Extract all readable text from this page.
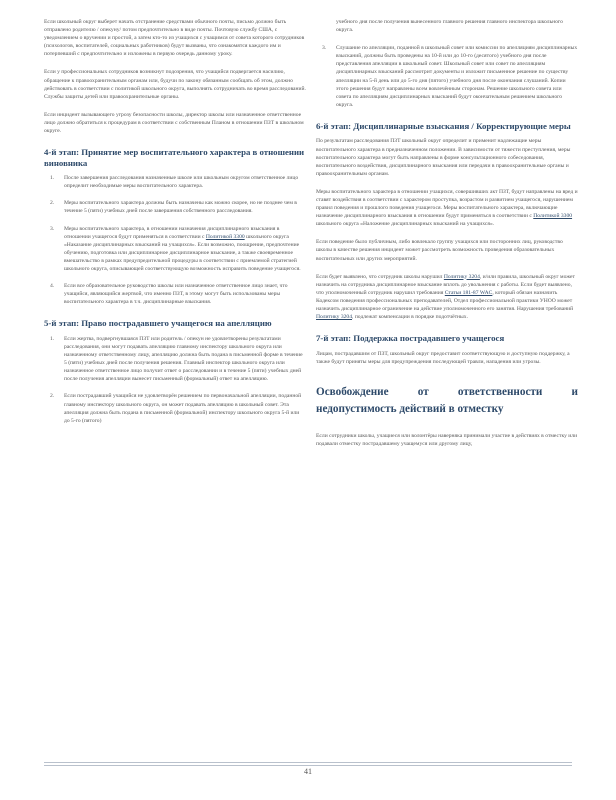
Если школьный округ выберет начать отстранение средствами обычного почты, письмо должно быть отправлено родителю / опекуну/ потом предпочтительно в виде почты. Почтовую службу США, с уведомлением о вручении и простой, а затем кто-то из учащихся с учащимся от совета которого сотрудников (психологов, воспитателей, социальных работников) будут вызваны, что ознакомятся каждого им и потерпевший с предпочтительно и изложены в первую очередь данному уроку.

Если у профессиональных сотрудников возникнут подозрения, что учащийся подвергается насилию, обращение к правоохранительным органам или, будучи по закону обязанным сообщать об этом, должно действовать в соответствии с политикой школьного округа, выполнять сотрудничать во время расследований. Службы защиты детей или правоохранительные органы.

Если инцидент вызывающего угрозу безопасности школы, директор школы или назначенное ответственное лицо должно обратиться к процедурам в соответствии с собственным Планом в отношении ПЗТ в школьном округе.

4-й этап: Принятие мер воспитательного характера в отношении виновника
1.	После завершения расследования назначенные школе или школьным округом ответственное лицо определит необходимые меры воспитательного характера.
2.	Меры воспитательного характера должны быть назначены как можно скорее, но не позднее чем в течение 5 (пяти) учебных дней после завершения собственного расследования.
3.	Меры воспитательного характера, в отношении назначения дисциплинарного взыскания в отношении учащегося будут применяться в соответствии с Политикой 3300 школьного округа «Наказание дисциплинарных взысканий на учащихся». Если возможно, поощрение, предпочтение обучению, подготовка или дисциплинарное дисциплинарное взыскание, а также своевременное вмешательство в рамках предупредительной процедуры в соответствии с приемлемой стратегией школьного округа, описывающей соответствующую возможность исправить поведение учащегося.
4.	Если все образовательное руководство школы или назначенное ответственное лицо знает, что учащийся, являющийся жертвой, что именно ПЗТ, в этому могут быть использованы меры воспитательного характера в т.ч. дисциплинарные взыскания.
5-й этап: Право пострадавшего учащегося на апелляцию
1.	Если жертва, подвергнувшаяся ПЗТ или родитель / опекун не удовлетворены результатами расследования, они могут подавать апелляцию главному инспектору школьного округа или назначенному ответственному лицу, апелляцию должна быть подана в письменной форме в течение 5 (пяти) учебных дней после получения решения. Главный инспектор школьного округа или назначенное ответственное лицо получит ответ о расследовании и в течение 5 (пяти) учебных дней после получения апелляции вынесет письменный (формальный) ответ на апелляцию.
2.	Если пострадавший учащийся не удовлетворён решением по первоначальной апелляции, поданной главному инспектору школьного округа, он может подавать апелляцию в школьный совет. Эта апелляция должна быть подана в письменной (формальной) инспектору школьного округа 5-й или до 5-го (пятого)

учебного дня после получения вынесенного главного решения главного инспектора школьного округа.

3.	Слушание по апелляции, поданной в школьный совет или комиссии по апелляциям дисциплинарных взысканий, должны быть проведены на 10-й или до 10-го (десятого) учебного дня после представления апелляции в школьный совет. Школьный совет или совет по апелляциям дисциплинарных взысканий рассмотрит документы и изложит письменное решение по существу апелляции на 5-й день или до 5-го дня (пятого) учебного дня после окончания слушаний. Копии этого решения будут направлены всем вовлечённым сторонам. Решение школьного совета или совета по апелляциям дисциплинарных взысканий будут окончательным решением школьного округа.
6-й этап: Дисциплинарные взыскания / Корректирующие меры

По результатам расследования ПЗТ школьный округ определит и применит надлежащие меры воспитательного характера в предназначенном положении. В зависимости от тяжести преступления, меры воспитательного характера могут быть направлены в форме консультационного собеседования, воспитательного воздействия, дисциплинарного взыскания или передачи в правоохранительные органы и правоохранительным органам.

Меры воспитательного характера в отношении учащихся, совершивших акт ПЗТ, будут направлены на вред и ставят воздействия в соответствии с характером проступка, возрастом и развитием учащегося, нарушением правил поведения и прошлого поведения учащегося. Меры воспитательного характера, включающие назначение дисциплинарного взыскания в отношении будут применяться в соответствии с Политикой 3300 школьного округа «Наложение дисциплинарных взысканий на учащихся».

Если поведение было публичным, либо вовлекало группу учащихся или посторонних лиц, руководство школы в качестве решения инцидент может рассмотреть возможность проведения образовательных воспитательных или других мероприятий.

Если будет выявлено, что сотрудник школы нарушил Политику 3204, и/или правила, школьный округ может назначить на сотрудника дисциплинарное взыскание вплоть до увольнения с работы. Если будет выявлено, что уполномоченный сотрудник нарушил требования Статьи 181-87 WAC, который обязан назначить Кодексом поведения профессиональных преподавателей, Отдел профессиональной практики УНОО может назначить дисциплинарное ограничение на действие уполномоченного его занятия. Нарушения требований Политику 3204, подлежат компенсации в порядке подотчётных.

7-й этап: Поддержка пострадавшего учащегося

Лицам, пострадавшим от ПЗТ, школьный округ предоставит соответствующую и доступную поддержку, а также будут приняты меры для предупреждения последующей травли, нападения или угрозы.

Освобождение от ответственности и недопустимость действий в отместку

Если сотрудники школы, учащиеся или волонтёры наверняка принимали участие в действиях в отместку или подавали отместку пострадавшему учащемуся или другому лицу,

41
